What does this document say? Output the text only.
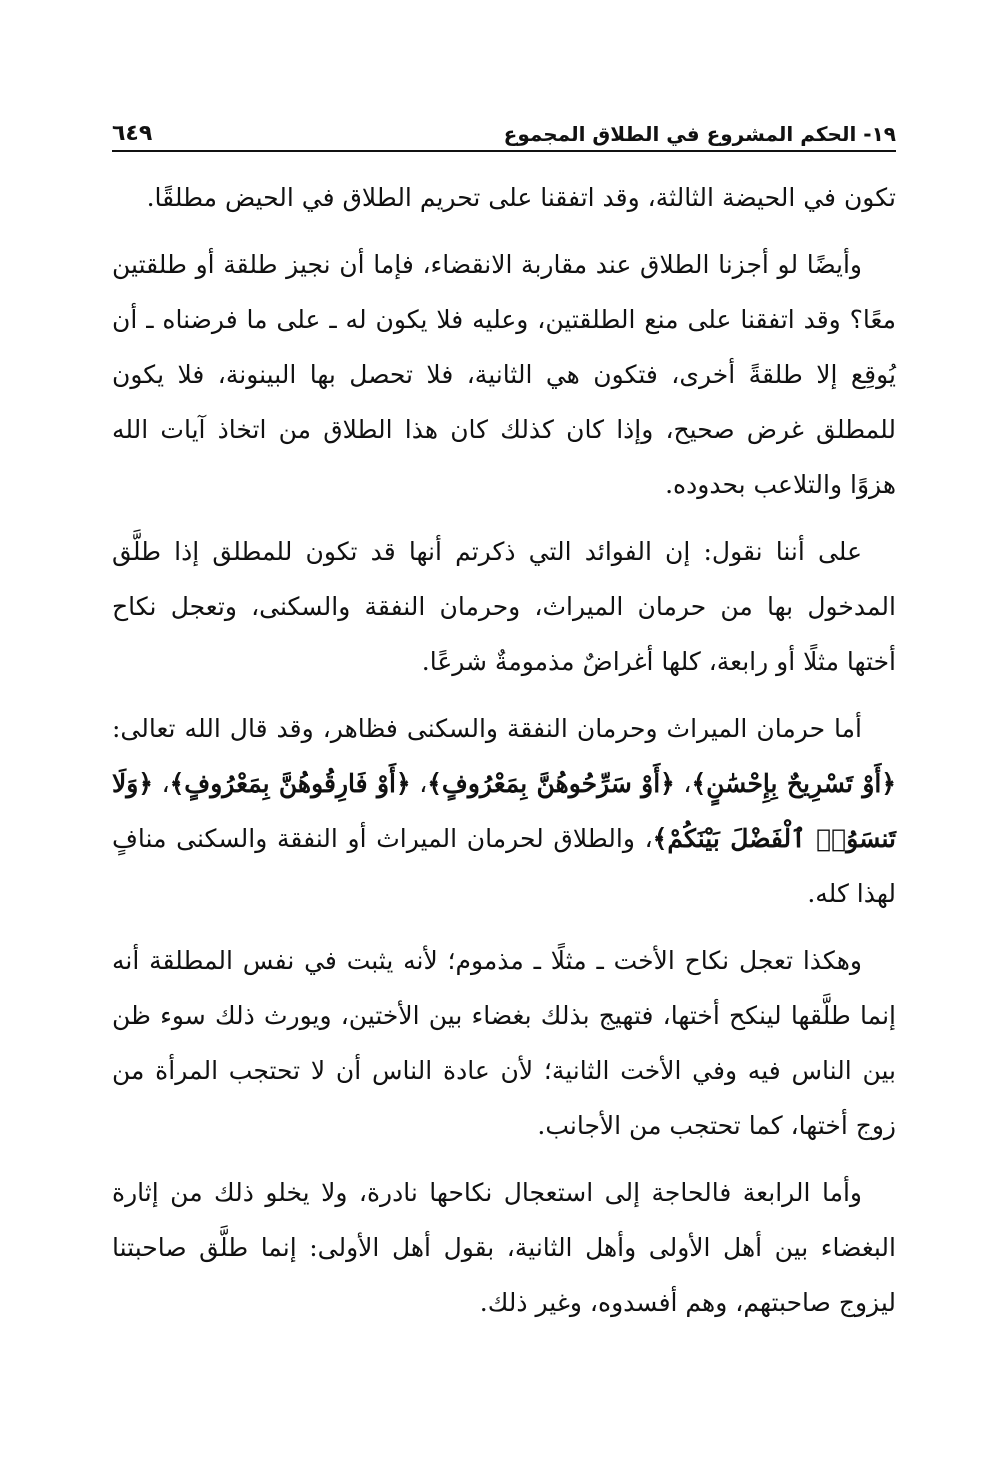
١٩- الحكم المشروع في الطلاق المجموع
٦٤٩

تكون في الحيضة الثالثة، وقد اتفقنا على تحريم الطلاق في الحيض مطلقًا.

وأيضًا لو أجزنا الطلاق عند مقاربة الانقضاء، فإما أن نجيز طلقة أو طلقتين معًا؟ وقد اتفقنا على منع الطلقتين، وعليه فلا يكون له ـ على ما فرضناه ـ أن يُوقِع إلا طلقةً أخرى، فتكون هي الثانية، فلا تحصل بها البينونة، فلا يكون للمطلق غرض صحيح، وإذا كان كذلك كان هذا الطلاق من اتخاذ آيات الله هزوًا والتلاعب بحدوده.

على أننا نقول: إن الفوائد التي ذكرتم أنها قد تكون للمطلق إذا طلَّق المدخول بها من حرمان الميراث، وحرمان النفقة والسكنى، وتعجل نكاح أختها مثلًا أو رابعة، كلها أغراضٌ مذمومةٌ شرعًا.

أما حرمان الميراث وحرمان النفقة والسكنى فظاهر، وقد قال الله تعالى: ﴿أَوْ تَسْرِيحٌ بِإِحْسَٰنٍ﴾، ﴿أَوْ سَرِّحُوهُنَّ بِمَعْرُوفٍ﴾، ﴿أَوْ فَارِقُوهُنَّ بِمَعْرُوفٍ﴾، ﴿وَلَا تَنسَوُا۟ ٱلْفَضْلَ بَيْنَكُمْ﴾، والطلاق لحرمان الميراث أو النفقة والسكنى منافٍ لهذا كله.

وهكذا تعجل نكاح الأخت ـ مثلًا ـ مذموم؛ لأنه يثبت في نفس المطلقة أنه إنما طلَّقها لينكح أختها، فتهيج بذلك بغضاء بين الأختين، ويورث ذلك سوء ظن بين الناس فيه وفي الأخت الثانية؛ لأن عادة الناس أن لا تحتجب المرأة من زوج أختها، كما تحتجب من الأجانب.

وأما الرابعة فالحاجة إلى استعجال نكاحها نادرة، ولا يخلو ذلك من إثارة البغضاء بين أهل الأولى وأهل الثانية، بقول أهل الأولى: إنما طلَّق صاحبتنا ليزوج صاحبتهم، وهم أفسدوه، وغير ذلك.
